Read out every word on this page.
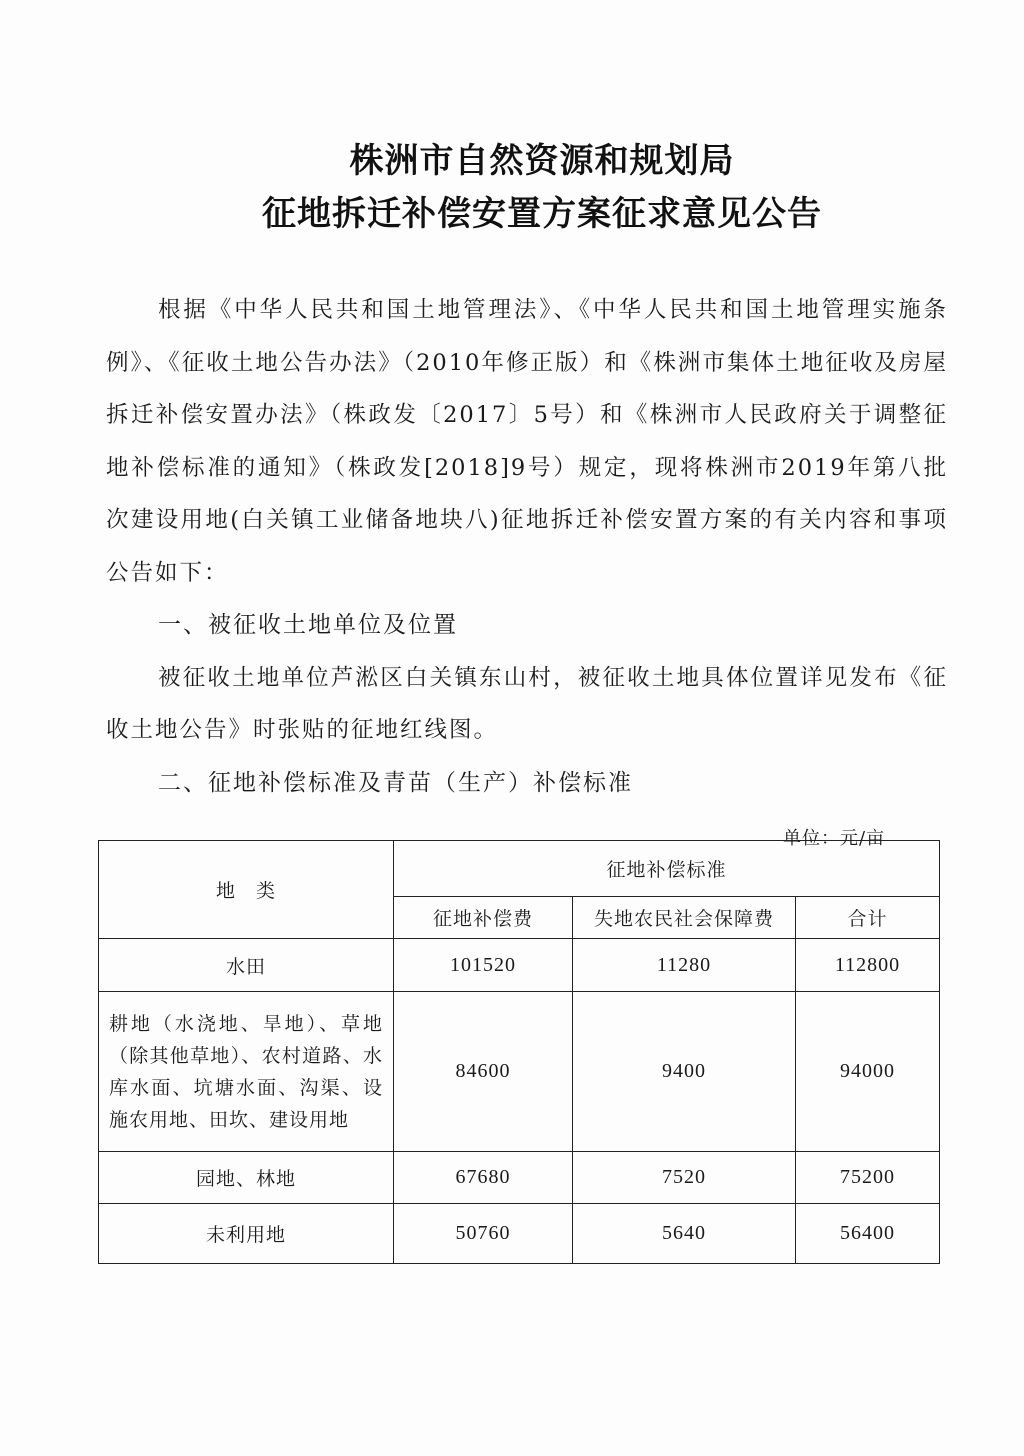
株洲市自然资源和规划局
征地拆迁补偿安置方案征求意见公告

根据《中华人民共和国土地管理法》、《中华人民共和国土地管理实施条例》、《征收土地公告办法》（2010年修正版）和《株洲市集体土地征收及房屋拆迁补偿安置办法》（株政发〔2017〕5号）和《株洲市人民政府关于调整征地补偿标准的通知》（株政发[2018]9号）规定，现将株洲市2019年第八批次建设用地(白关镇工业储备地块八)征地拆迁补偿安置方案的有关内容和事项公告如下：

一、被征收土地单位及位置

被征收土地单位芦淞区白关镇东山村，被征收土地具体位置详见发布《征收土地公告》时张贴的征地红线图。

二、征地补偿标准及青苗（生产）补偿标准

单位：元/亩
地　类	征地补偿标准		
	征地补偿费	失地农民社会保障费	合计
水田	101520	11280	112800
耕地（水浇地、旱地）、草地（除其他草地）、农村道路、水库水面、坑塘水面、沟渠、设施农用地、田坎、建设用地	84600	9400	94000
园地、林地	67680	7520	75200
未利用地	50760	5640	56400
